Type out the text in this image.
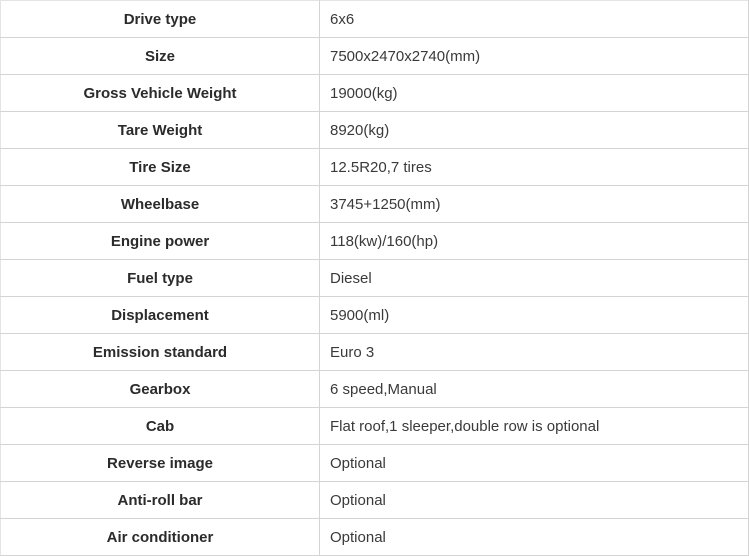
Drive type	6x6
Size	7500x2470x2740(mm)
Gross Vehicle Weight	19000(kg)
Tare Weight	8920(kg)
Tire Size	12.5R20,7 tires
Wheelbase	3745+1250(mm)
Engine power	118(kw)/160(hp)
Fuel type	Diesel
Displacement	5900(ml)
Emission standard	Euro 3
Gearbox	6 speed,Manual
Cab	Flat roof,1 sleeper,double row is optional
Reverse image	Optional
Anti-roll bar	Optional
Air conditioner	Optional
